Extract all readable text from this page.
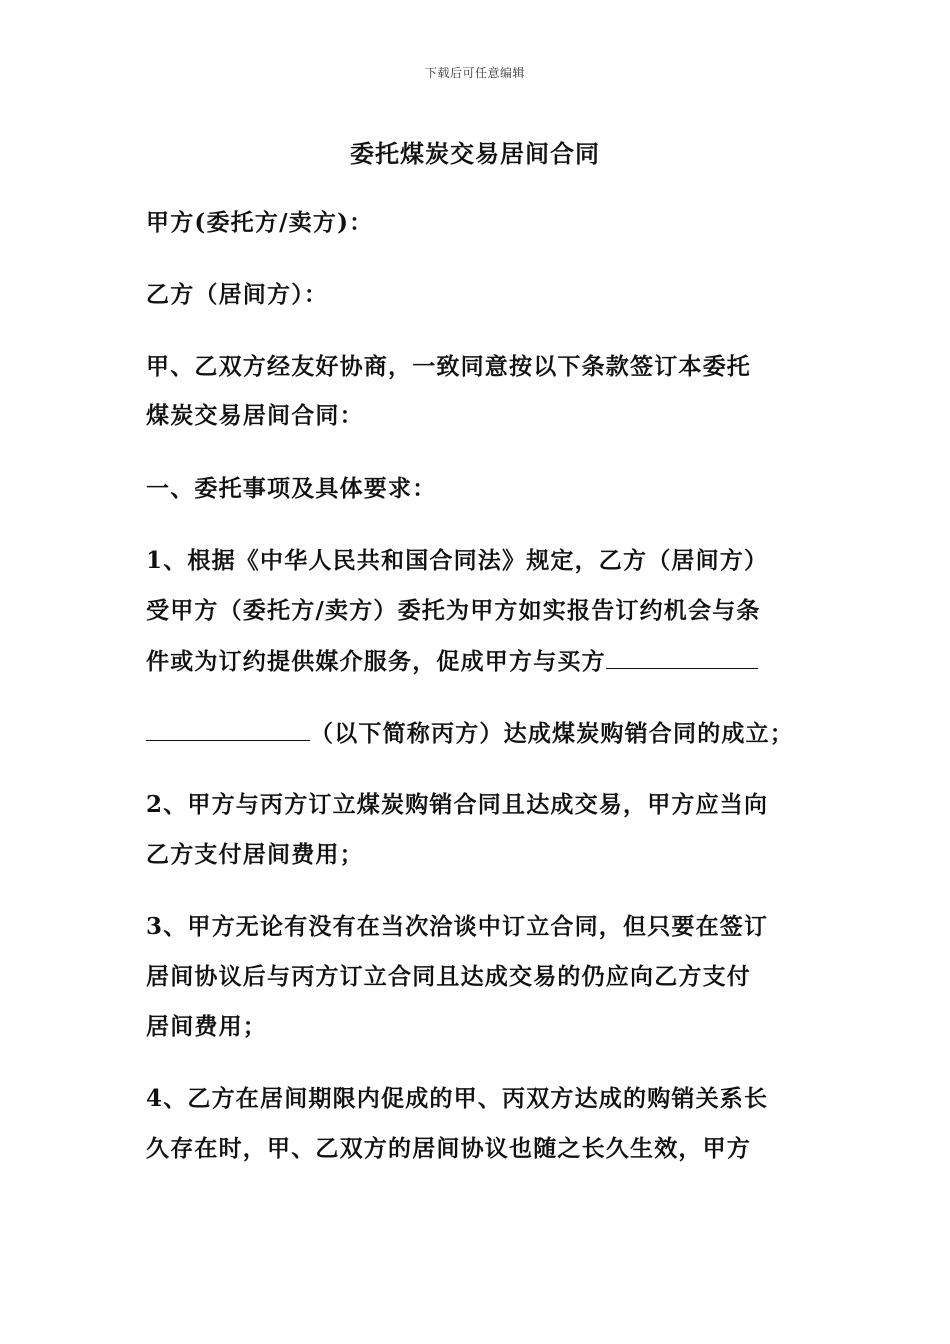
下载后可任意编辑
委托煤炭交易居间合同
甲方(委托方/卖方)：
乙方（居间方）：
甲、乙双方经友好协商，一致同意按以下条款签订本委托
煤炭交易居间合同：
一、委托事项及具体要求：
1、根据《中华人民共和国合同法》规定，乙方（居间方）
受甲方（委托方/卖方）委托为甲方如实报告订约机会与条
件或为订约提供媒介服务，促成甲方与买方
（以下简称丙方）达成煤炭购销合同的成立；
2、甲方与丙方订立煤炭购销合同且达成交易，甲方应当向
乙方支付居间费用；
3、甲方无论有没有在当次洽谈中订立合同，但只要在签订
居间协议后与丙方订立合同且达成交易的仍应向乙方支付
居间费用；
4、乙方在居间期限内促成的甲、丙双方达成的购销关系长
久存在时，甲、乙双方的居间协议也随之长久生效，甲方
